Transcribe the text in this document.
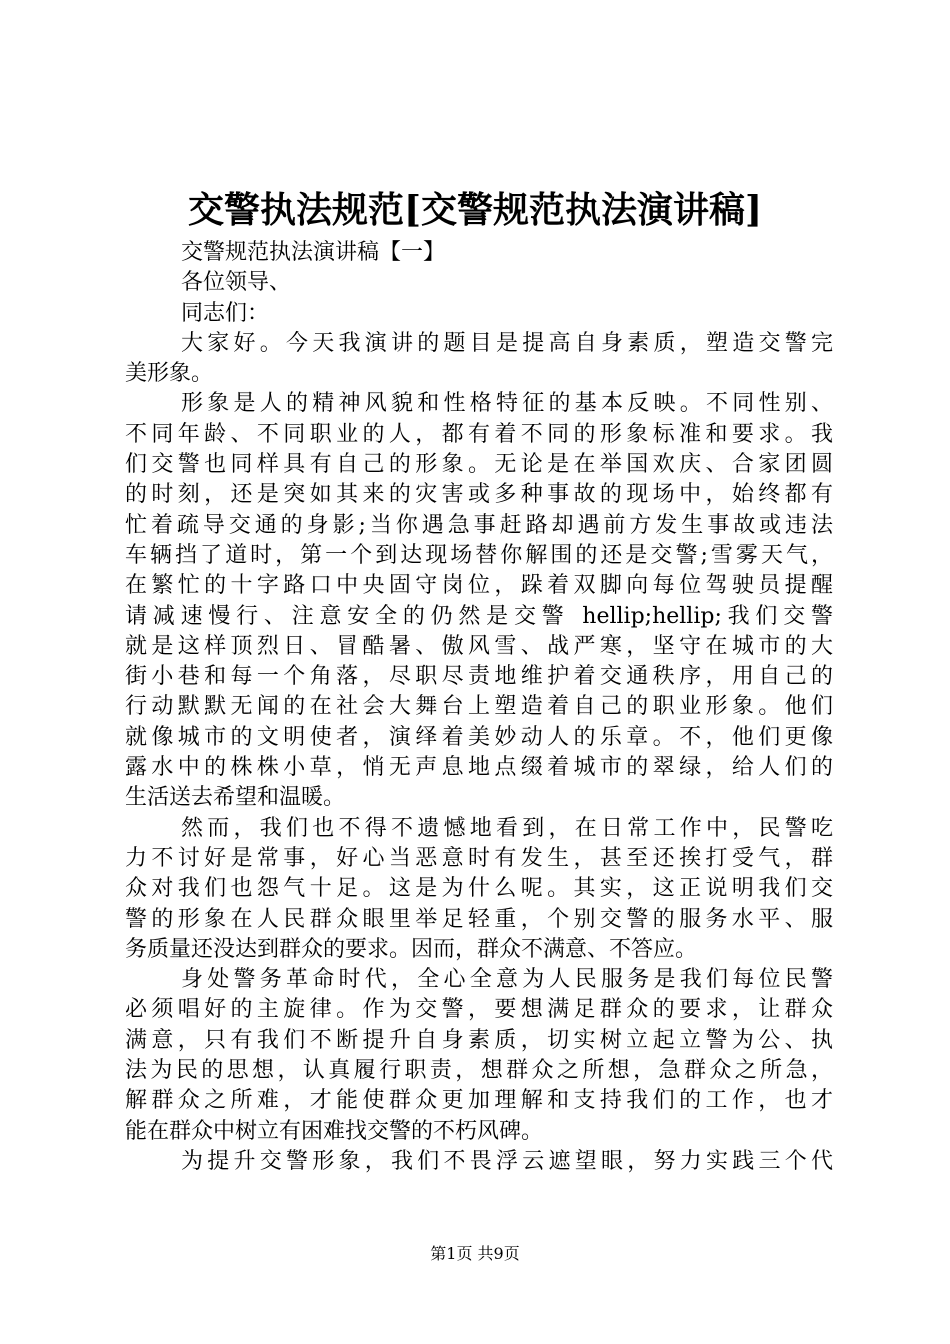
交警执法规范[交警规范执法演讲稿]
交警规范执法演讲稿【一】
各位领导、
同志们：
大家好。今天我演讲的题目是提高自身素质，塑造交警完
美形象。
形象是人的精神风貌和性格特征的基本反映。不同性别、
不同年龄、不同职业的人，都有着不同的形象标准和要求。我
们交警也同样具有自己的形象。无论是在举国欢庆、合家团圆
的时刻，还是突如其来的灾害或多种事故的现场中，始终都有
忙着疏导交通的身影;当你遇急事赶路却遇前方发生事故或违法
车辆挡了道时，第一个到达现场替你解围的还是交警;雪雾天气，
在繁忙的十字路口中央固守岗位，跺着双脚向每位驾驶员提醒
请减速慢行、注意安全的仍然是交警 hellip;hellip;我们交警
就是这样顶烈日、冒酷暑、傲风雪、战严寒，坚守在城市的大
街小巷和每一个角落，尽职尽责地维护着交通秩序，用自己的
行动默默无闻的在社会大舞台上塑造着自己的职业形象。他们
就像城市的文明使者，演绎着美妙动人的乐章。不，他们更像
露水中的株株小草，悄无声息地点缀着城市的翠绿，给人们的
生活送去希望和温暖。
然而，我们也不得不遗憾地看到，在日常工作中，民警吃
力不讨好是常事，好心当恶意时有发生，甚至还挨打受气，群
众对我们也怨气十足。这是为什么呢。其实，这正说明我们交
警的形象在人民群众眼里举足轻重，个别交警的服务水平、服
务质量还没达到群众的要求。因而，群众不满意、不答应。
身处警务革命时代，全心全意为人民服务是我们每位民警
必须唱好的主旋律。作为交警，要想满足群众的要求，让群众
满意，只有我们不断提升自身素质，切实树立起立警为公、执
法为民的思想，认真履行职责，想群众之所想，急群众之所急，
解群众之所难，才能使群众更加理解和支持我们的工作，也才
能在群众中树立有困难找交警的不朽风碑。
为提升交警形象，我们不畏浮云遮望眼，努力实践三个代
第1页 共9页
